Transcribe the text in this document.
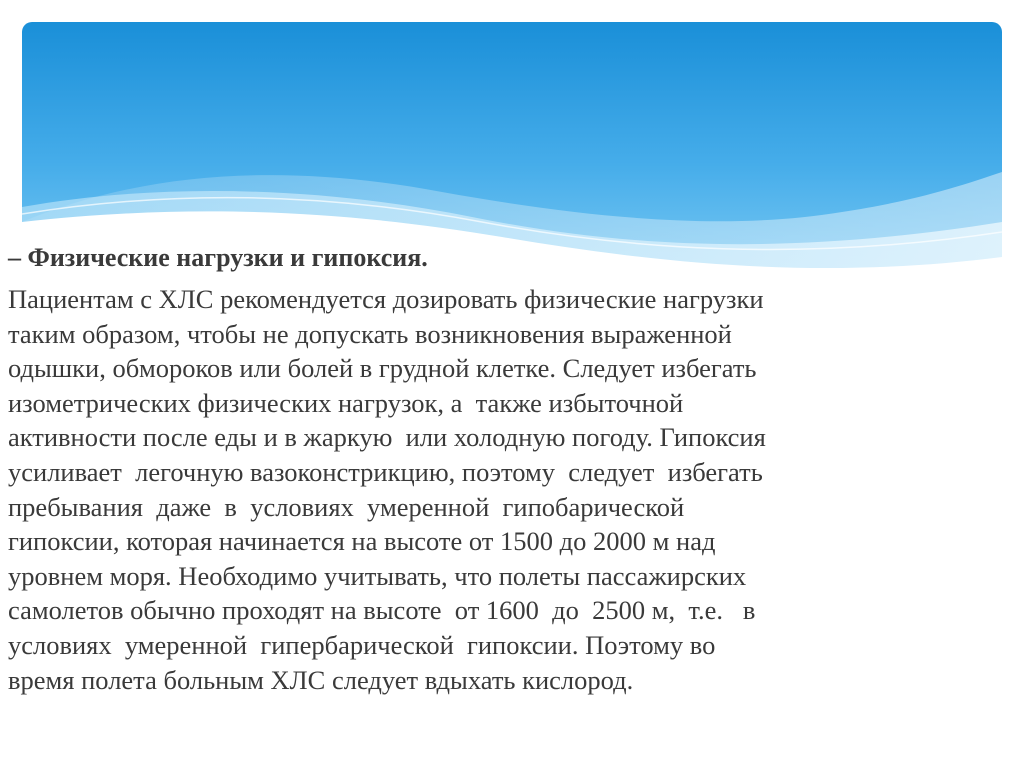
– Физические нагрузки и гипоксия.

Пациентам с ХЛС рекомендуется дозировать физические нагрузки
таким образом, чтобы не допускать возникновения выраженной
одышки, обмороков или болей в грудной клетке. Следует избегать
изометрических физических нагрузок, а  также избыточной
активности после еды и в жаркую  или холодную погоду. Гипоксия
усиливает  легочную вазоконстрикцию, поэтому  следует  избегать
пребывания  даже  в  условиях  умеренной  гипобарической
гипоксии, которая начинается на высоте от 1500 до 2000 м над
уровнем моря. Необходимо учитывать, что полеты пассажирских
самолетов обычно проходят на высоте  от 1600  до  2500 м,  т.е.   в
условиях  умеренной  гипербарической  гипоксии. Поэтому во
время полета больным ХЛС следует вдыхать кислород.
